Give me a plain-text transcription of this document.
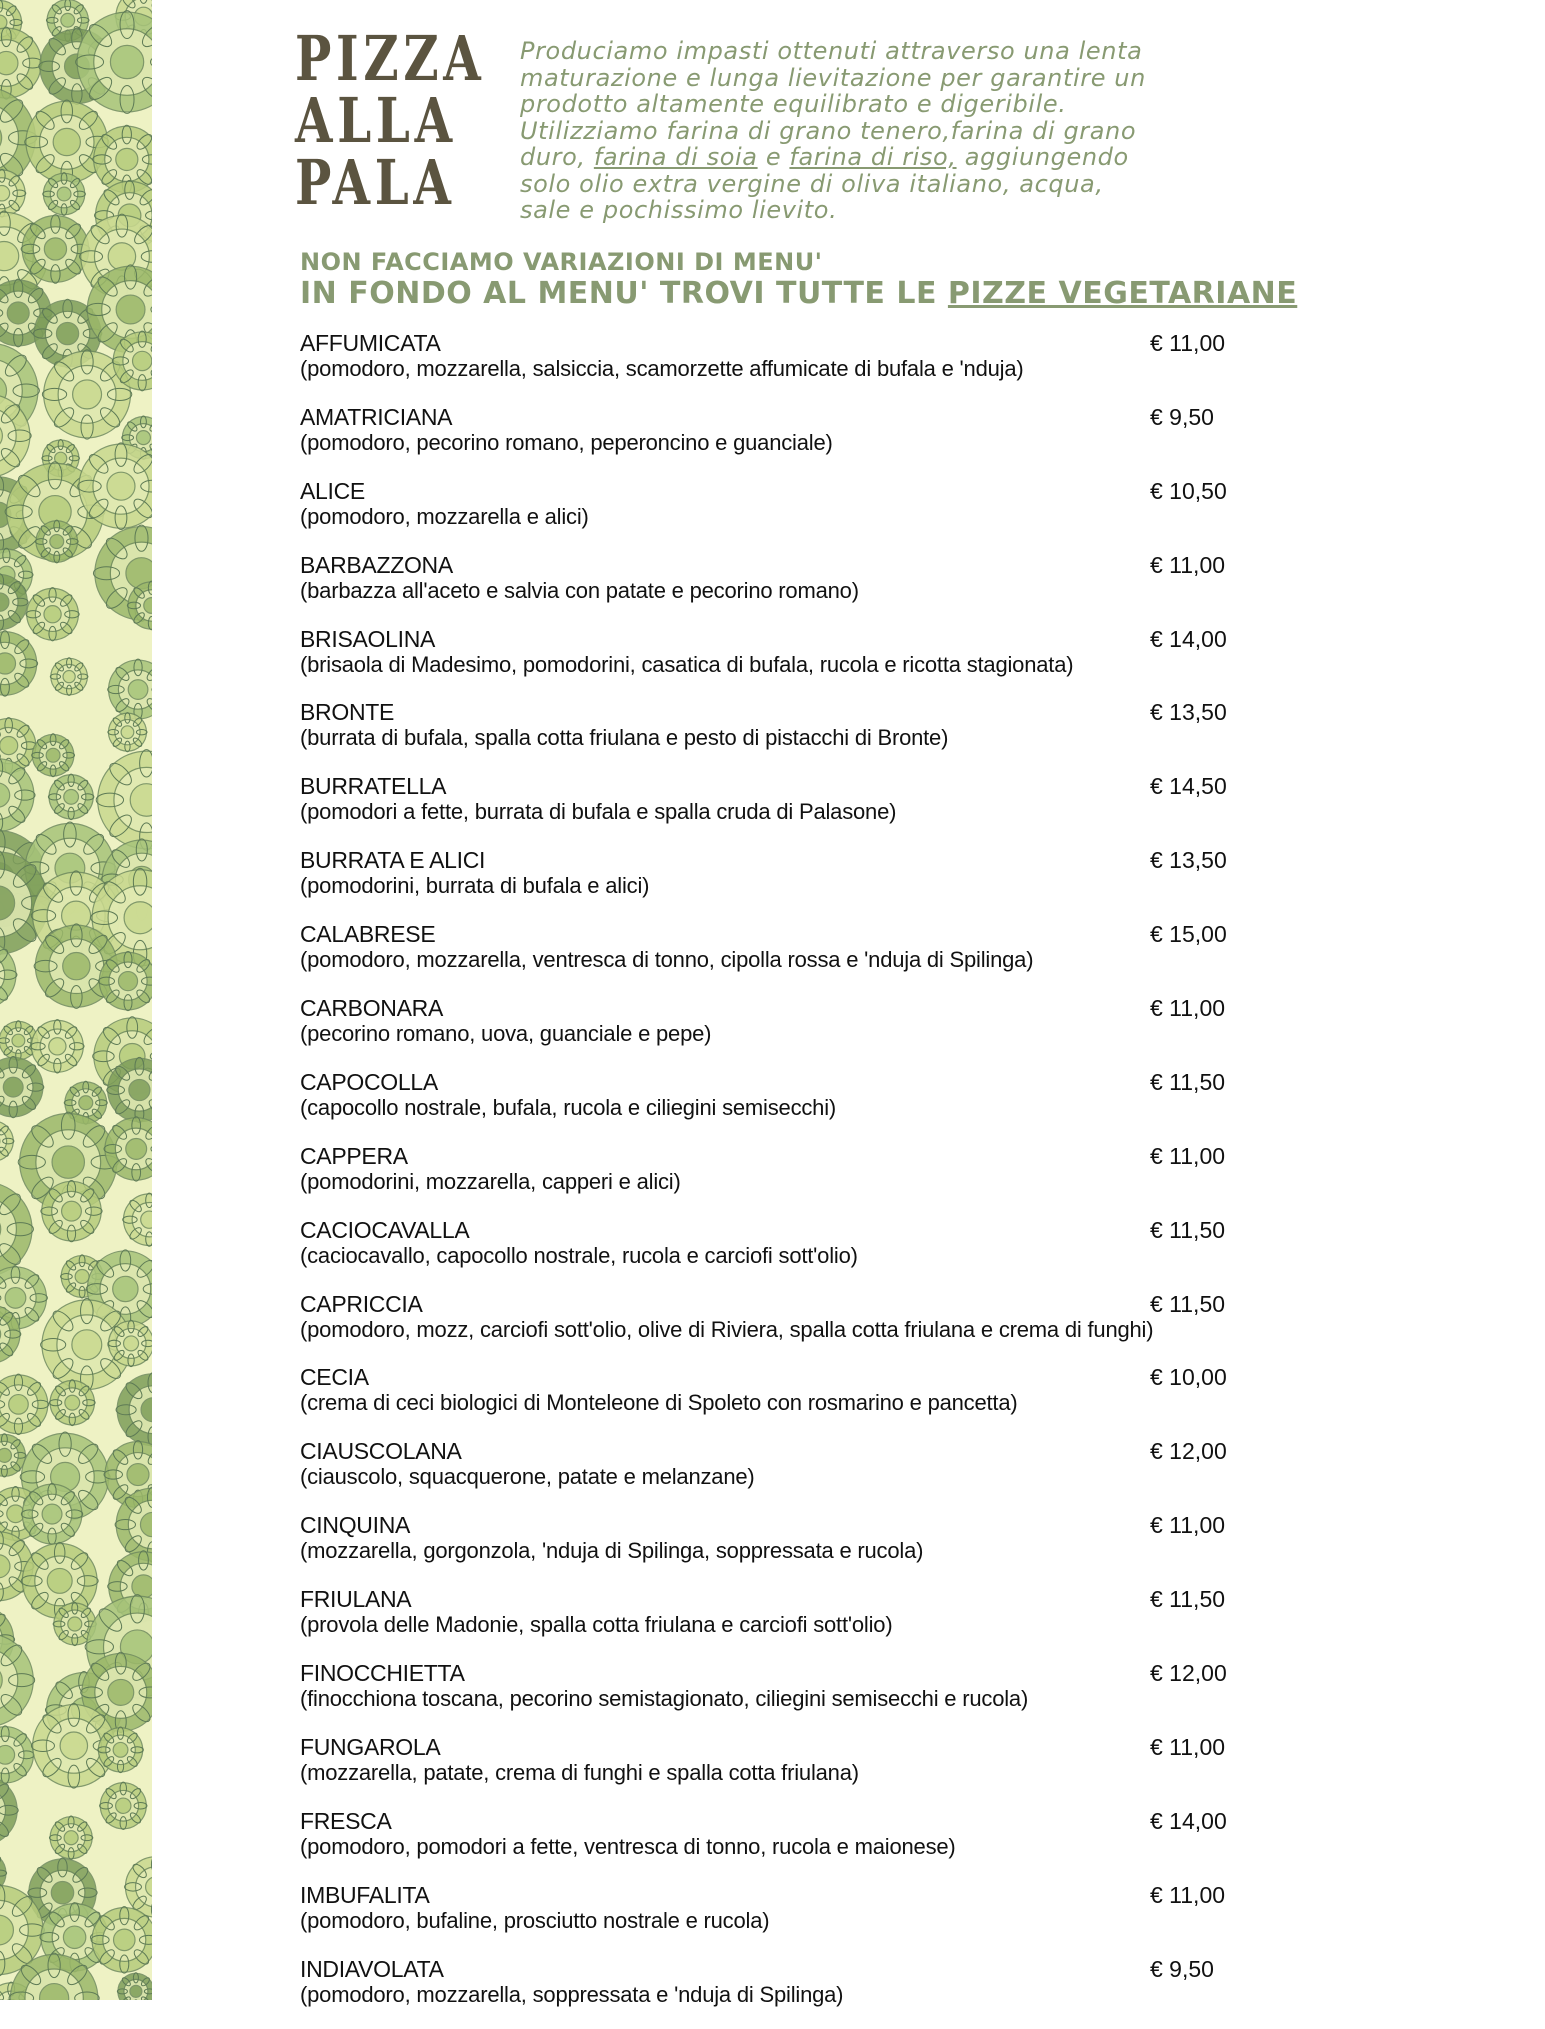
PIZZA
ALLA
PALA
Produciamo impasti ottenuti attraverso una lenta
maturazione e lunga lievitazione per garantire un
prodotto altamente equilibrato e digeribile.
Utilizziamo farina di grano tenero,farina di grano
duro, farina di soia e farina di riso, aggiungendo
solo olio extra vergine di oliva italiano, acqua,
sale e pochissimo lievito.
NON FACCIAMO VARIAZIONI DI MENU'
IN FONDO AL MENU' TROVI TUTTE LE PIZZE VEGETARIANE
AFFUMICATA	€ 11,00
(pomodoro, mozzarella, salsiccia, scamorzette affumicate di bufala e 'nduja)
AMATRICIANA	€ 9,50
(pomodoro, pecorino romano, peperoncino e guanciale)
ALICE	€ 10,50
(pomodoro, mozzarella e alici)
BARBAZZONA	€ 11,00
(barbazza all'aceto e salvia con patate e pecorino romano)
BRISAOLINA	€ 14,00
(brisaola di Madesimo, pomodorini, casatica di bufala, rucola e ricotta stagionata)
BRONTE	€ 13,50
(burrata di bufala, spalla cotta friulana e pesto di pistacchi di Bronte)
BURRATELLA	€ 14,50
(pomodori a fette, burrata di bufala e spalla cruda di Palasone)
BURRATA E ALICI	€ 13,50
(pomodorini, burrata di bufala e alici)
CALABRESE	€ 15,00
(pomodoro, mozzarella, ventresca di tonno, cipolla rossa e 'nduja di Spilinga)
CARBONARA	€ 11,00
(pecorino romano, uova, guanciale e pepe)
CAPOCOLLA	€ 11,50
(capocollo nostrale, bufala, rucola e ciliegini semisecchi)
CAPPERA	€ 11,00
(pomodorini, mozzarella, capperi e alici)
CACIOCAVALLA	€ 11,50
(caciocavallo, capocollo nostrale, rucola e carciofi sott'olio)
CAPRICCIA	€ 11,50
(pomodoro, mozz, carciofi sott'olio, olive di Riviera, spalla cotta friulana e crema di funghi)
CECIA	€ 10,00
(crema di ceci biologici di Monteleone di Spoleto con rosmarino e pancetta)
CIAUSCOLANA	€ 12,00
(ciauscolo, squacquerone, patate e melanzane)
CINQUINA	€ 11,00
(mozzarella, gorgonzola, 'nduja di Spilinga, soppressata e rucola)
FRIULANA	€ 11,50
(provola delle Madonie, spalla cotta friulana e carciofi sott'olio)
FINOCCHIETTA	€ 12,00
(finocchiona toscana, pecorino semistagionato, ciliegini semisecchi e rucola)
FUNGAROLA	€ 11,00
(mozzarella, patate, crema di funghi e spalla cotta friulana)
FRESCA	€ 14,00
(pomodoro, pomodori a fette, ventresca di tonno, rucola e maionese)
IMBUFALITA	€ 11,00
(pomodoro, bufaline, prosciutto nostrale e rucola)
INDIAVOLATA	€ 9,50
(pomodoro, mozzarella, soppressata e 'nduja di Spilinga)
